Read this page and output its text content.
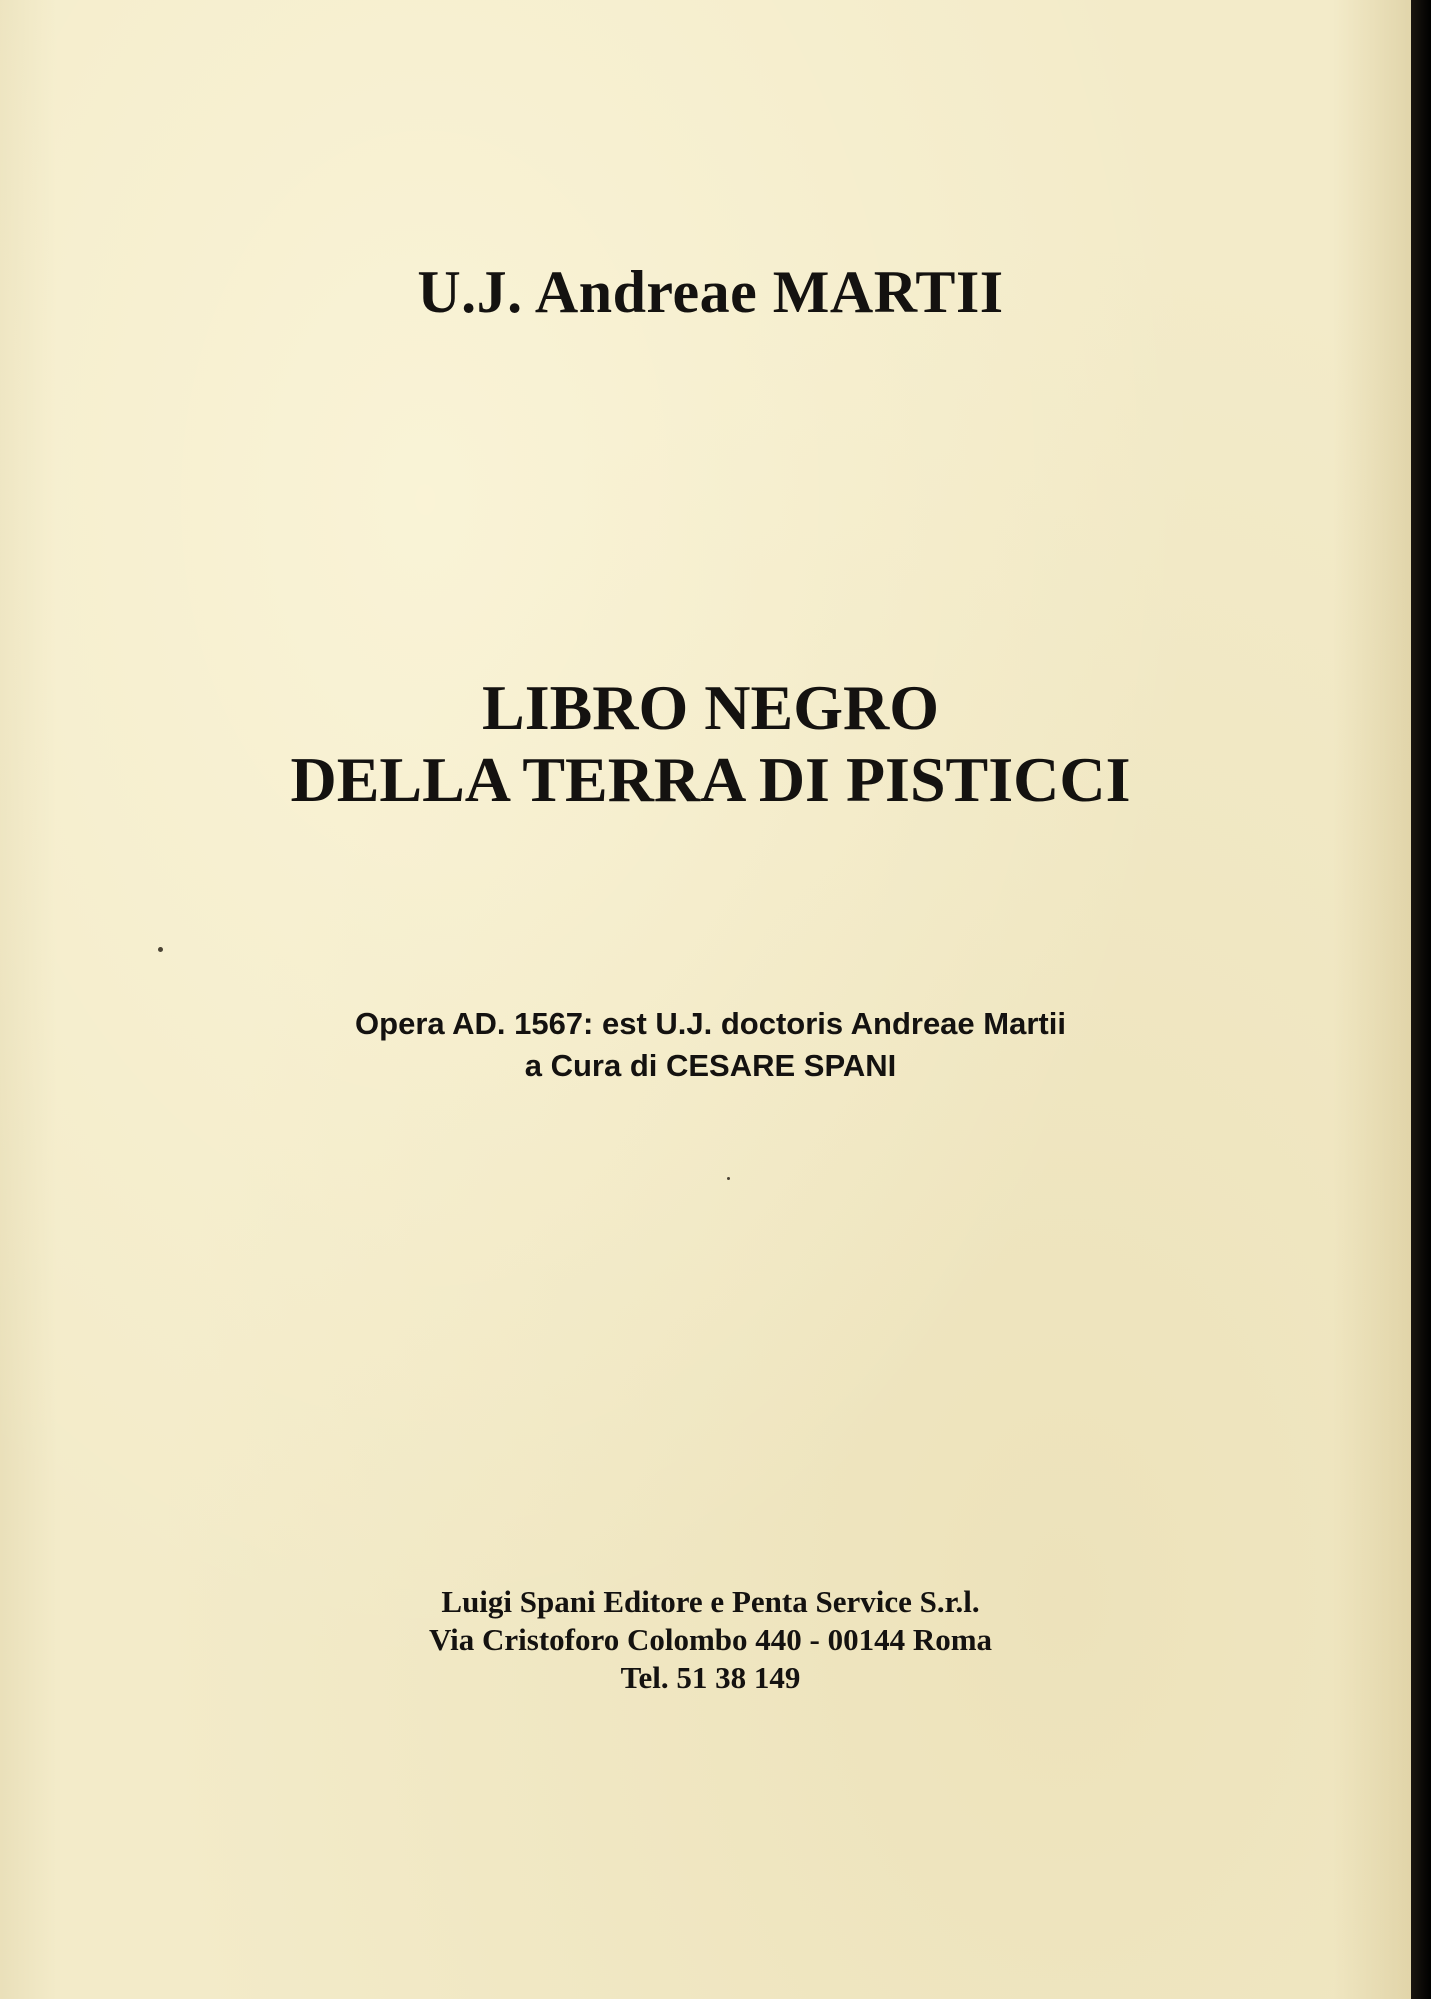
U.J. Andreae MARTII
LIBRO NEGRO
DELLA TERRA DI PISTICCI
Opera AD. 1567: est U.J. doctoris Andreae Martii
a Cura di CESARE SPANI
Luigi Spani Editore e Penta Service S.r.l.
Via Cristoforo Colombo 440 - 00144 Roma
Tel. 51 38 149
